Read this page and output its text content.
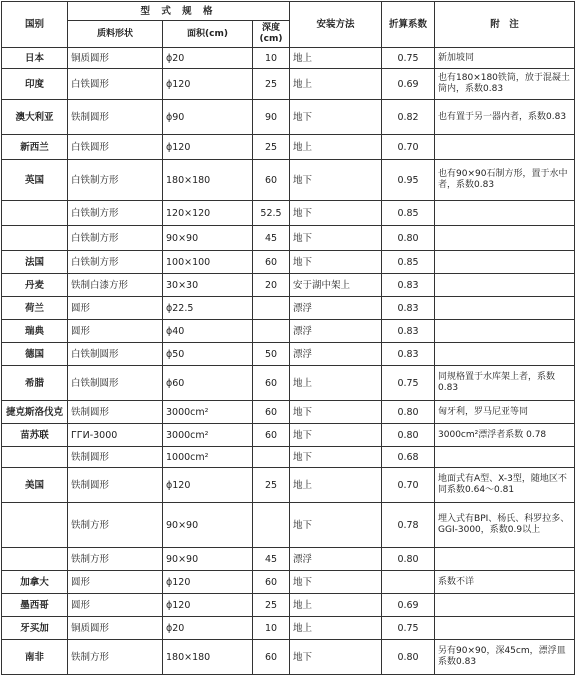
国别	型 式 规 格			安装方法	折算系数	附　注
	质料形状	面积(cm)	深度
(cm)			
日本	铜质圆形	ϕ20	10	地上	0.75	新加坡同
印度	白铁圆形	ϕ120	25	地上	0.69	也有180×180铁筒，放于混凝土筒内，系数0.83
澳大利亚	铁制圆形	ϕ90	90	地下	0.82	也有置于另一器内者，系数0.83
新西兰	白铁圆形	ϕ120	25	地上	0.70	
英国	白铁制方形	180×180	60	地下	0.95	也有90×90石制方形，置于水中者，系数0.83
	白铁制方形	120×120	52.5	地下	0.85	
	白铁制方形	90×90	45	地下	0.80	
法国	白铁制方形	100×100	60	地下	0.85	
丹麦	铁制白漆方形	30×30	20	安于湖中架上	0.83	
荷兰	圆形	ϕ22.5		漂浮	0.83	
瑞典	圆形	ϕ40		漂浮	0.83	
德国	白铁制圆形	ϕ50	50	漂浮	0.83	
希腊	白铁制圆形	ϕ60	60	地上	0.75	同规格置于水库架上者，系数0.83
捷克斯洛伐克	铁制圆形	3000cm²	60	地下	0.80	匈牙利，罗马尼亚等同
苗苏联	ГГИ-3000	3000cm²	60	地下	0.80	3000cm²漂浮者系数 0.78
	铁制圆形	1000cm²		地下	0.68	
美国	铁制圆形	ϕ120	25	地上	0.70	地面式有A型、X-3型，随地区不同系数0.64～0.81
	铁制方形	90×90		地下	0.78	埋入式有BPI、杨氏、科罗拉多、GGI-3000，系数0.9以上
	铁制方形	90×90	45	漂浮	0.80	
加拿大	圆形	ϕ120	60	地下		系数不详
墨西哥	圆形	ϕ120	25	地上	0.69	
牙买加	铜质圆形	ϕ20	10	地上	0.75	
南非	铁制方形	180×180	60	地下	0.80	另有90×90，深45cm，漂浮皿系数0.83
